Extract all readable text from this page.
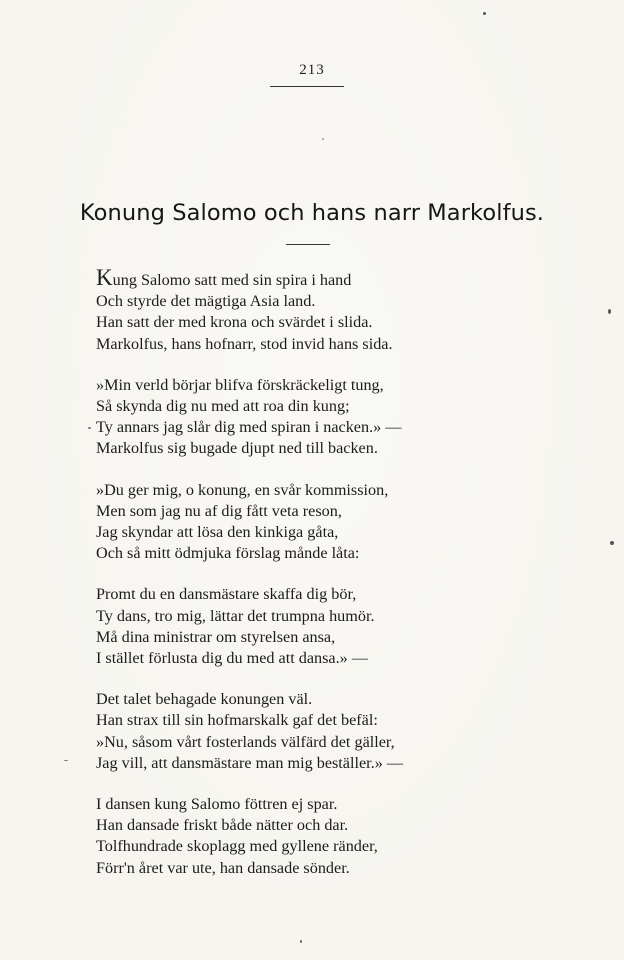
213
Konung Salomo och hans narr Markolfus.
Kung Salomo satt med sin spira i hand
Och styrde det mägtiga Asia land.
Han satt der med krona och svärdet i slida.
Markolfus, hans hofnarr, stod invid hans sida.
»Min verld börjar blifva förskräckeligt tung,
Så skynda dig nu med att roa din kung;
Ty annars jag slår dig med spiran i nacken.» —
Markolfus sig bugade djupt ned till backen.
»Du ger mig, o konung, en svår kommission,
Men som jag nu af dig fått veta reson,
Jag skyndar att lösa den kinkiga gåta,
Och så mitt ödmjuka förslag månde låta:
Promt du en dansmästare skaffa dig bör,
Ty dans, tro mig, lättar det trumpna humör.
Må dina ministrar om styrelsen ansa,
I stället förlusta dig du med att dansa.» —
Det talet behagade konungen väl.
Han strax till sin hofmarskalk gaf det befäl:
»Nu, såsom vårt fosterlands välfärd det gäller,
Jag vill, att dansmästare man mig beställer.» —
I dansen kung Salomo föttren ej spar.
Han dansade friskt både nätter och dar.
Tolfhundrade skoplagg med gyllene ränder,
Förr'n året var ute, han dansade sönder.
